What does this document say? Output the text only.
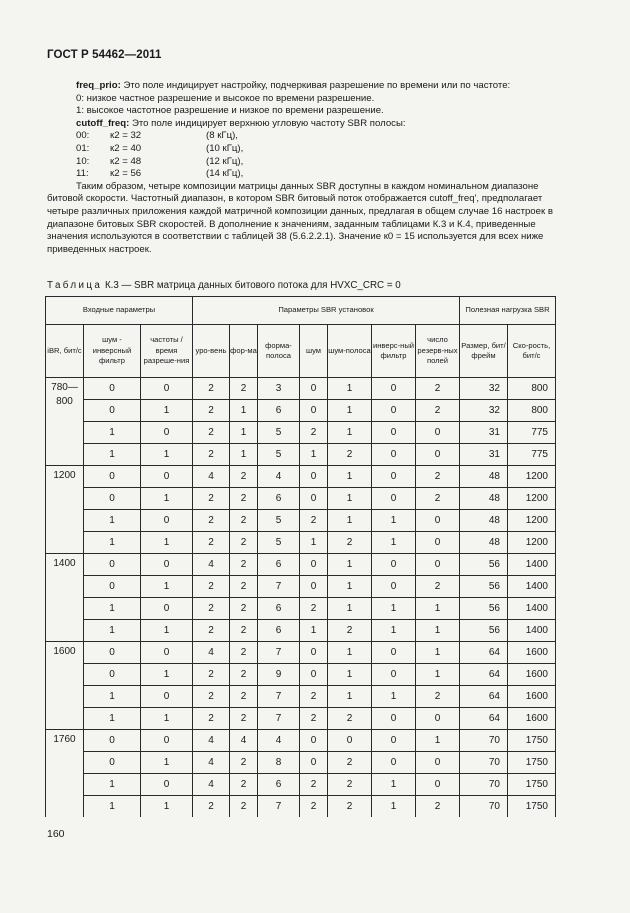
ГОСТ Р 54462—2011

freq_prio: Это поле индицирует настройку, подчеркивая разрешение по времени или по частоте:

0: низкое частное разрешение и высокое по времени разрешение.

1: высокое частотное разрешение и низкое по времени разрешение.

cutoff_freq: Это поле индицирует верхнюю угловую частоту SBR полосы:

00:	к2 = 32	(8 кГц),
01:	к2 = 40	(10 кГц),
10:	к2 = 48	(12 кГц),
11:	к2 = 56	(14 кГц),

Таким образом, четыре композиции матрицы данных SBR доступны в каждом номинальном диапазоне

битовой скорости. Частотный диапазон, в котором SBR битовый поток отображается cutoff_freq', предполагает

четыре различных приложения каждой матричной композиции данных, предлагая в общем случае 16 настроек в

диапазоне битовых SBR скоростей. В дополнение к значениям, заданным таблицами К.3 и К.4, приведенные

значения используются в соответствии с таблицей 38 (5.6.2.2.1). Значение к0 = 15 используется для всех ниже

приведенных настроек.

Таблица К.3 — SBR матрица данных битового потока для HVXC_CRC = 0
Входные параметры			Параметры SBR установок							Полезная нагрузка SBR	
iBR, бит/с	шум - инверсный фильтр	частоты / время разреше-ния	уро-вень	фор-ма	форма-полоса	шум	шум-полоса	инверс-ный фильтр	число резерв-ных полей	Размер, бит/фрейм	Ско-рость, бит/с
780—800	0	0	2	2	3	0	1	0	2	32	800
	0	1	2	1	6	0	1	0	2	32	800
	1	0	2	1	5	2	1	0	0	31	775
	1	1	2	1	5	1	2	0	0	31	775
1200	0	0	4	2	4	0	1	0	2	48	1200
	0	1	2	2	6	0	1	0	2	48	1200
	1	0	2	2	5	2	1	1	0	48	1200
	1	1	2	2	5	1	2	1	0	48	1200
1400	0	0	4	2	6	0	1	0	0	56	1400
	0	1	2	2	7	0	1	0	2	56	1400
	1	0	2	2	6	2	1	1	1	56	1400
	1	1	2	2	6	1	2	1	1	56	1400
1600	0	0	4	2	7	0	1	0	1	64	1600
	0	1	2	2	9	0	1	0	1	64	1600
	1	0	2	2	7	2	1	1	2	64	1600
	1	1	2	2	7	2	2	0	0	64	1600
1760	0	0	4	4	4	0	0	0	1	70	1750
	0	1	4	2	8	0	2	0	0	70	1750
	1	0	4	2	6	2	2	1	0	70	1750
	1	1	2	2	7	2	2	1	2	70	1750
160
